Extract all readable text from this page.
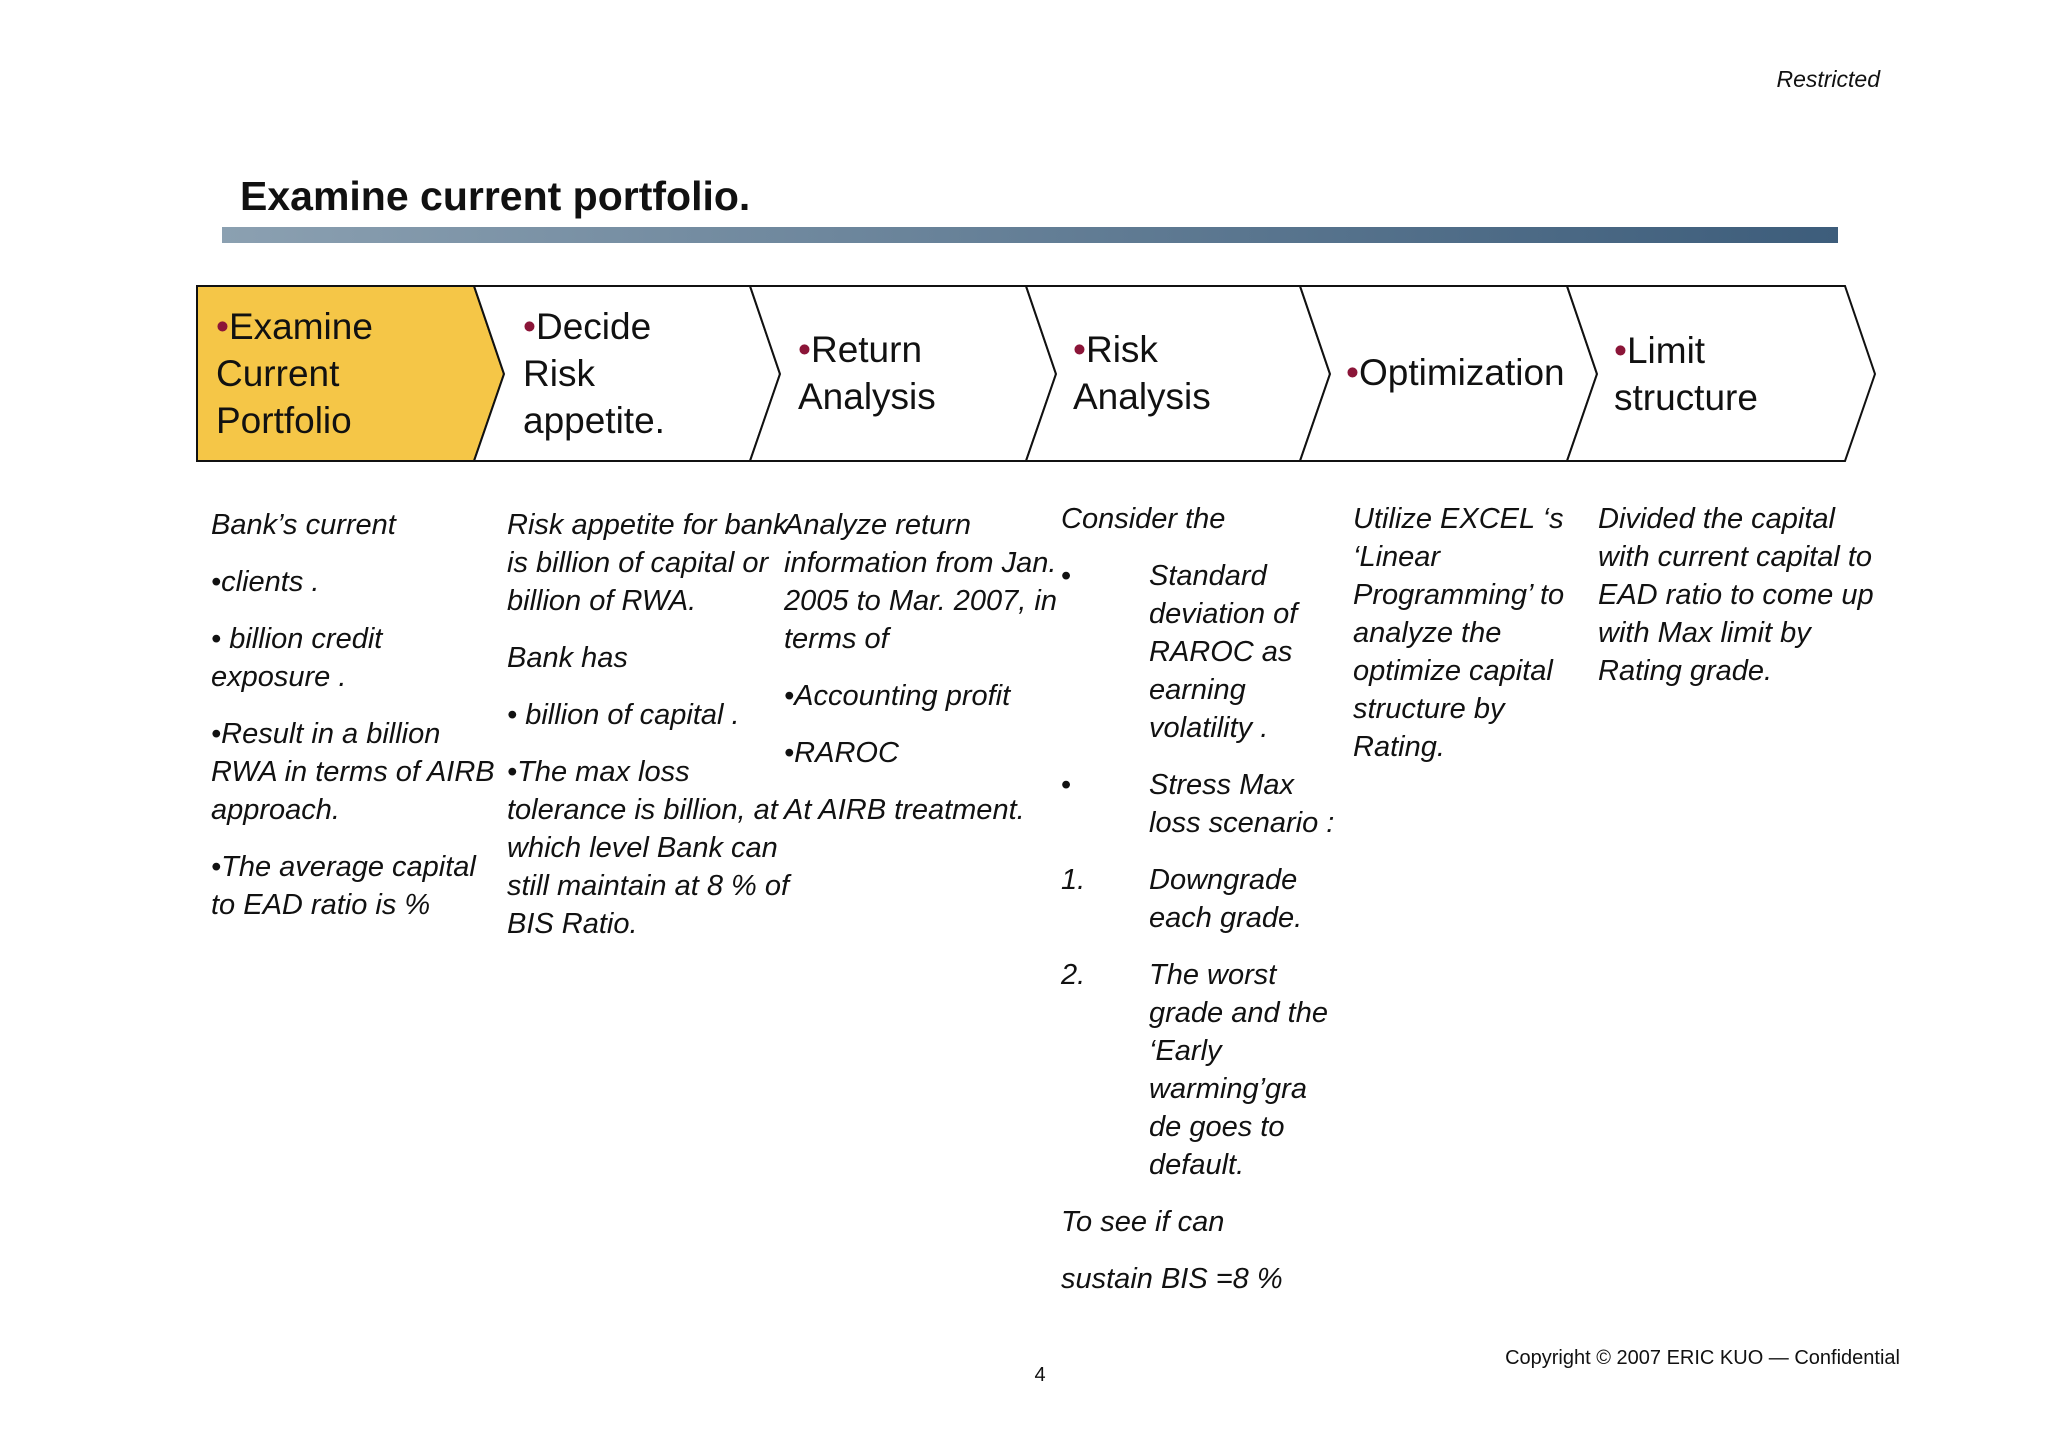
Restricted
Examine current portfolio.
•Examine
Current
Portfolio
•Decide
Risk
appetite.
•Return
Analysis
•Risk
Analysis
•Optimization
•Limit
structure

Bank’s current

•clients .

• billion credit exposure .

•Result in a billion RWA in terms of AIRB approach.

•The average capital to EAD ratio is %

Risk appetite for bank is billion of capital or billion of RWA.

Bank has

• billion of capital .

•The max loss tolerance is billion, at which level Bank can still maintain at 8 % of BIS Ratio.

Analyze return information from Jan. 2005 to Mar. 2007, in terms of

•Accounting profit

•RAROC

At AIRB treatment.

Consider the

•	Standard deviation of RAROC as earning volatility .
•	Stress Max loss scenario :
1.	Downgrade each grade.
2.	The worst grade and the ‘Early warming’gra de goes to default.

To see if can

sustain BIS =8 %

Utilize EXCEL ‘s ‘Linear Programming’ to analyze the optimize capital structure by Rating.

Divided the capital with current capital to EAD ratio to come up with Max limit by Rating grade.

Copyright © 2007 ERIC KUO — Confidential
4
